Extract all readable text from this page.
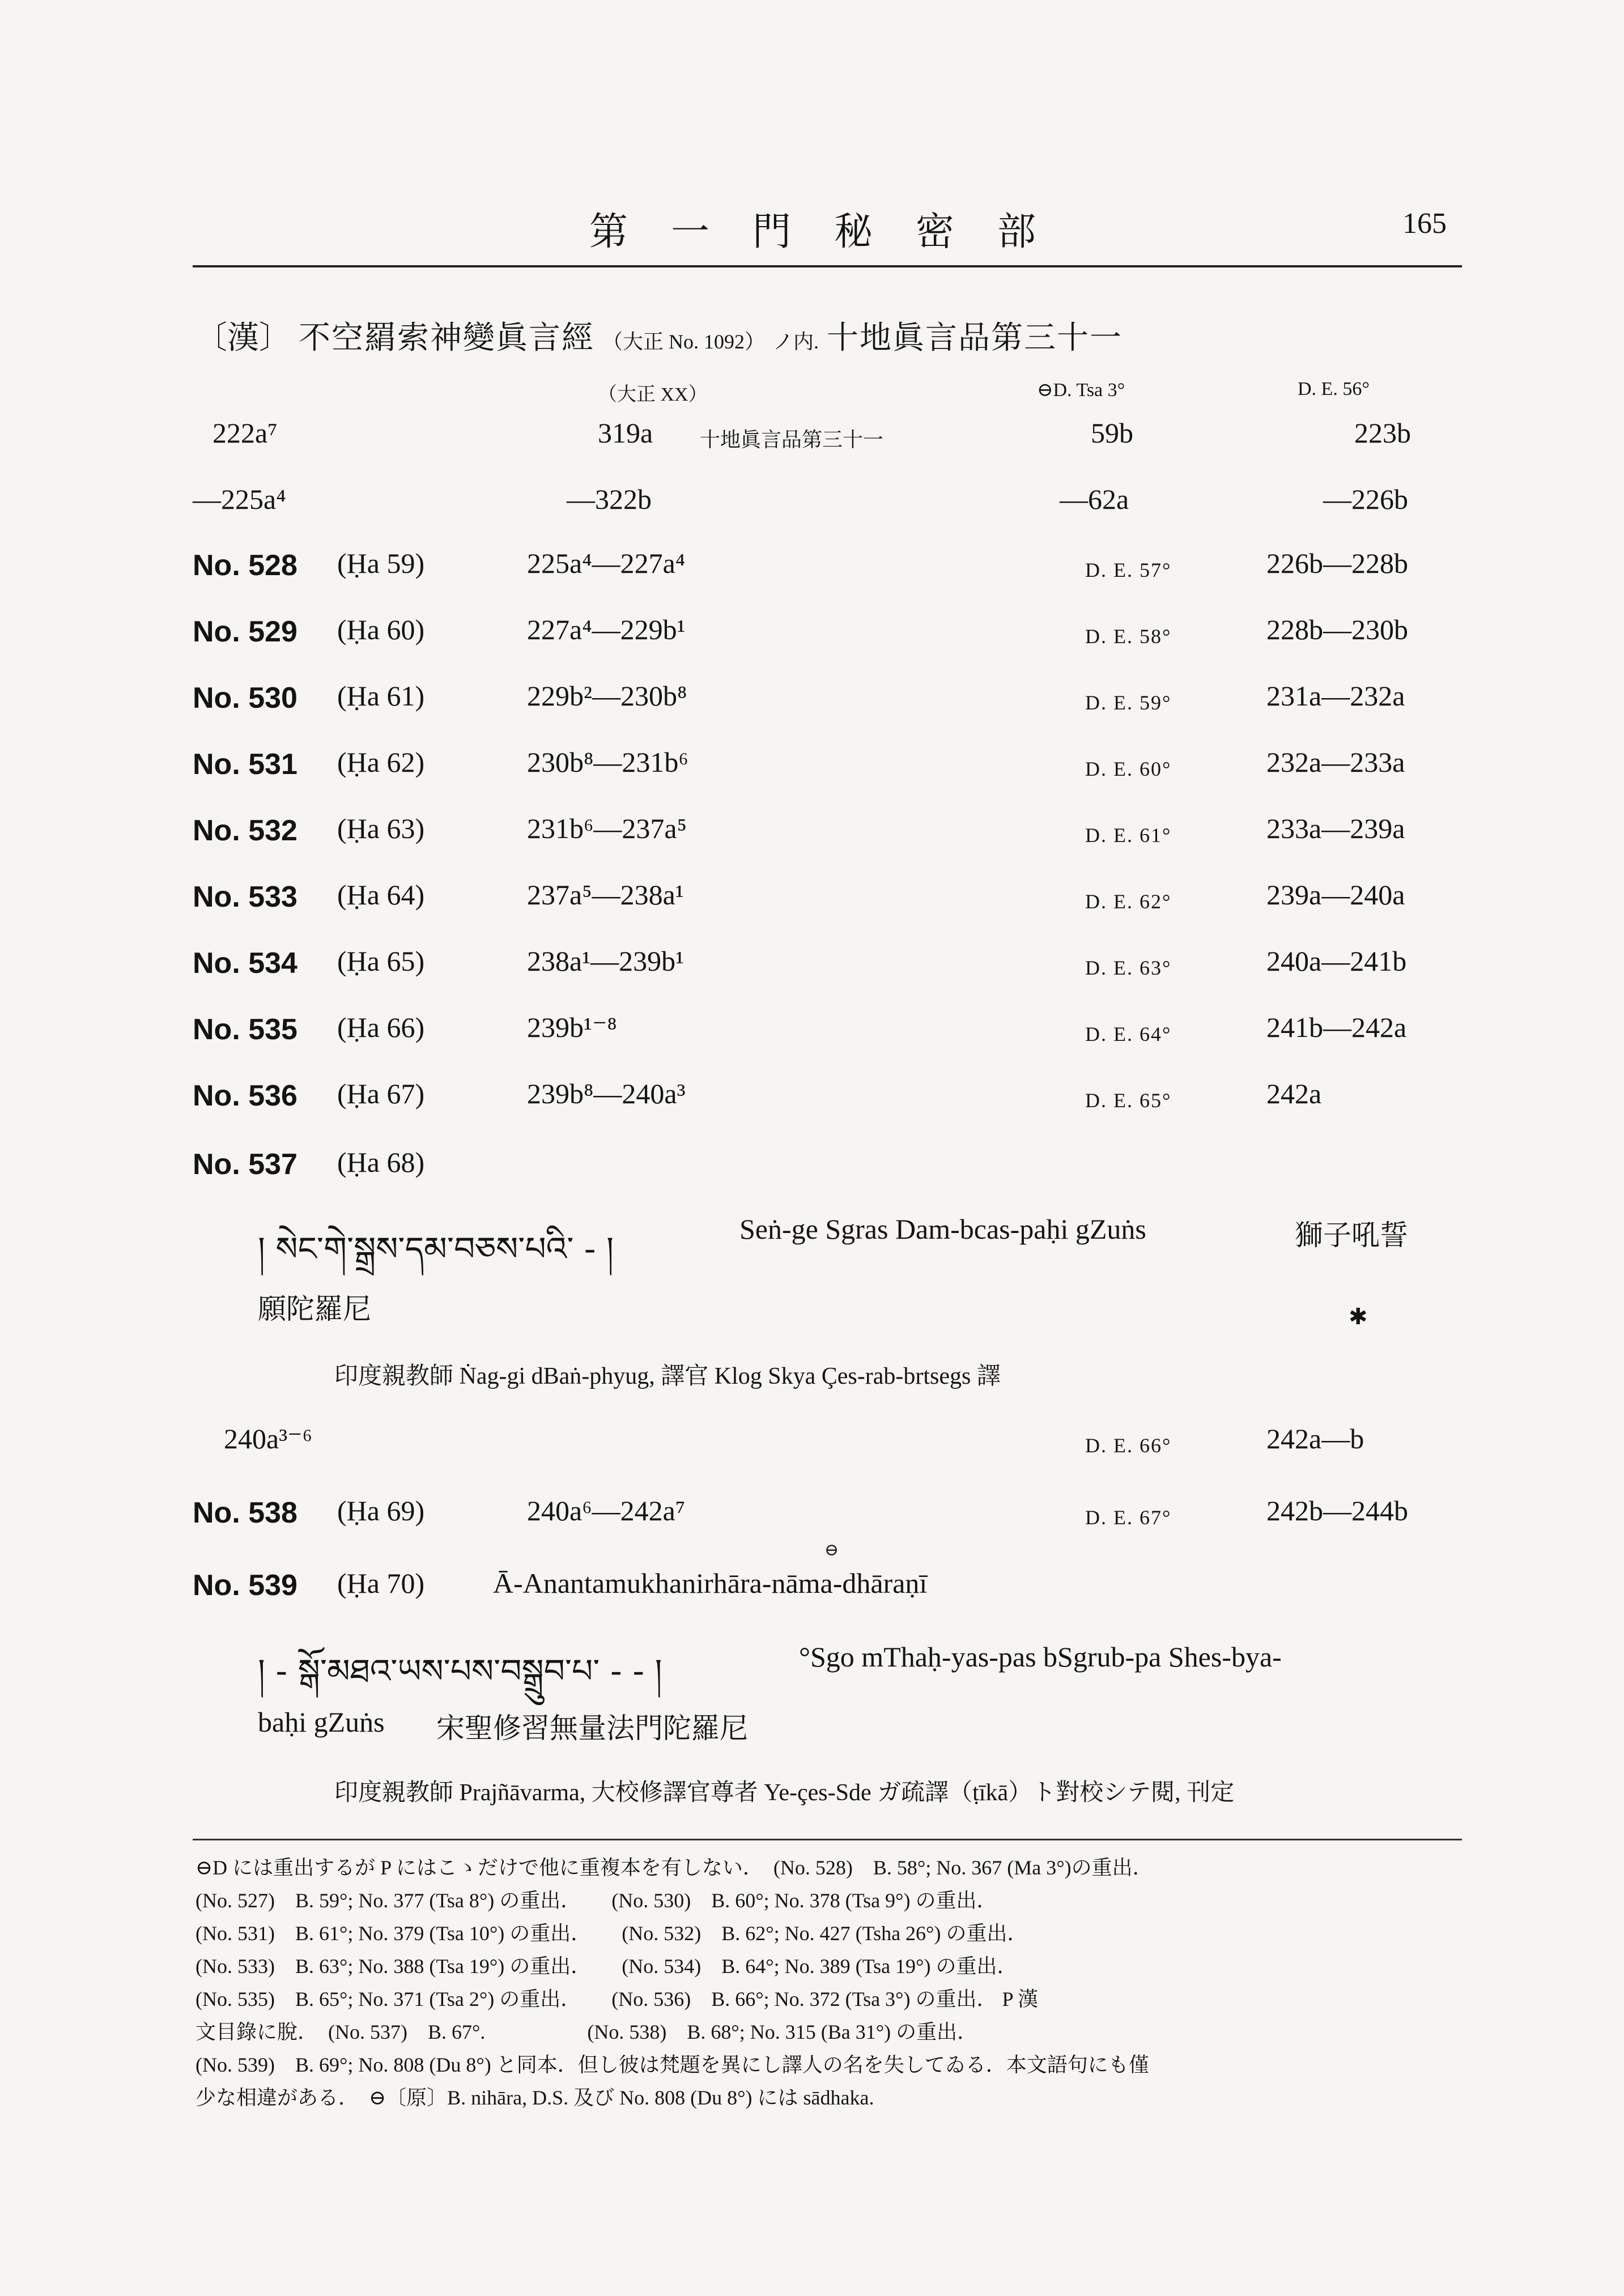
第一門秘密部	165
〔漢〕 不空羂索神變眞言經 （大正 No. 1092） ノ内. 十地眞言品第三十一
（大正 XX）	⊖D. Tsa 3°	D. E. 56°
222a⁷	319a 十地眞言品第三十一	59b	223b
—225a⁴	—322b	—62a	—226b
No. 528 (Ḥa 59)	225a⁴—227a⁴	D. E. 57°	226b—228b
No. 529 (Ḥa 60)	227a⁴—229b¹	D. E. 58°	228b—230b
No. 530 (Ḥa 61)	229b²—230b⁸	D. E. 59°	231a—232a
No. 531 (Ḥa 62)	230b⁸—231b⁶	D. E. 60°	232a—233a
No. 532 (Ḥa 63)	231b⁶—237a⁵	D. E. 61°	233a—239a
No. 533 (Ḥa 64)	237a⁵—238a¹	D. E. 62°	239a—240a
No. 534 (Ḥa 65)	238a¹—239b¹	D. E. 63°	240a—241b
No. 535 (Ḥa 66)	239b¹⁻⁸	D. E. 64°	241b—242a
No. 536 (Ḥa 67)	239b⁸—240a³	D. E. 65°	242a
No. 537 (Ḥa 68)
། སེང་གེ་སྒྲས་དམ་བཅས་པའི་ ‑ །
Seṅ-ge Sgras Dam-bcas-paḥi gZuṅs	獅子吼誓
願陀羅尼	✱
印度親教師 Ṅag-gi dBaṅ-phyug, 譯官 Klog Skya Çes-rab-brtsegs 譯
240a³⁻⁶	D. E. 66°	242a—b
No. 538 (Ḥa 69)	240a⁶—242a⁷	D. E. 67°	242b—244b
⊖
No. 539 (Ḥa 70) Ā-Anantamukhanirhāra-nāma-dhāraṇī
། ‑ སྒོ་མཐའ་ཡས་པས་བསྒྲུབ་པ་ ‑ ‑ །	°Sgo mThaḥ-yas-pas bSgrub-pa Shes-bya-
baḥi gZuṅs 宋聖修習無量法門陀羅尼
印度親教師 Prajñāvarma, 大校修譯官尊者 Ye-çes-Sde ガ疏譯（ṭīkā）ト對校シテ閱, 刊定
⊖D には重出するが P にはこゝだけで他に重複本を有しない．　(No. 528)　B. 58°; No. 367 (Ma 3°)の重出．
(No. 527)　B. 59°; No. 377 (Tsa 8°) の重出．　　(No. 530)　B. 60°; No. 378 (Tsa 9°) の重出．
(No. 531)　B. 61°; No. 379 (Tsa 10°) の重出．　　(No. 532)　B. 62°; No. 427 (Tsha 26°) の重出．
(No. 533)　B. 63°; No. 388 (Tsa 19°) の重出．　　(No. 534)　B. 64°; No. 389 (Tsa 19°) の重出．
(No. 535)　B. 65°; No. 371 (Tsa 2°) の重出．　　(No. 536)　B. 66°; No. 372 (Tsa 3°) の重出． P 漢
文目錄に脫．　(No. 537)　B. 67°.　　　　　(No. 538)　B. 68°; No. 315 (Ba 31°) の重出．
(No. 539)　B. 69°; No. 808 (Du 8°) と同本．但し彼は梵題を異にし譯人の名を失してゐる．本文語句にも僅
少な相違がある．　⊖〔原〕B. nihāra, D.S. 及び No. 808 (Du 8°) には sādhaka.
